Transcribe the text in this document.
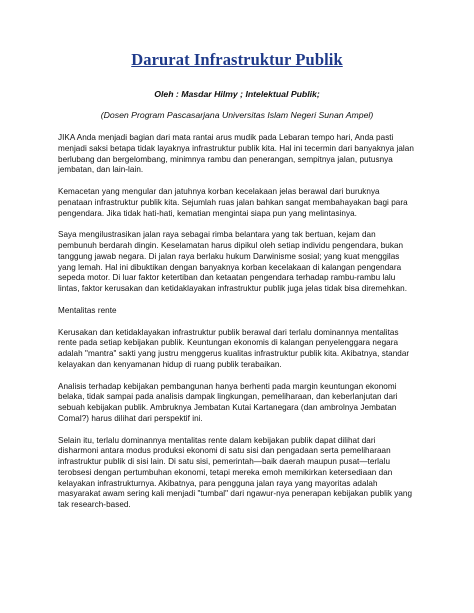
Darurat Infrastruktur Publik

Oleh : Masdar Hilmy ; Intelektual Publik;

(Dosen Program Pascasarjana Universitas Islam Negeri Sunan Ampel)

JIKA Anda menjadi bagian dari mata rantai arus mudik pada Lebaran tempo hari, Anda pasti menjadi saksi betapa tidak layaknya infrastruktur publik kita. Hal ini tecermin dari banyaknya jalan berlubang dan bergelombang, minimnya rambu dan penerangan, sempitnya jalan, putusnya jembatan, dan lain-lain.

Kemacetan yang mengular dan jatuhnya korban kecelakaan jelas berawal dari buruknya penataan infrastruktur publik kita. Sejumlah ruas jalan bahkan sangat membahayakan bagi para pengendara. Jika tidak hati-hati, kematian mengintai siapa pun yang melintasinya.

Saya mengilustrasikan jalan raya sebagai rimba belantara yang tak bertuan, kejam dan pembunuh berdarah dingin. Keselamatan harus dipikul oleh setiap individu pengendara, bukan tanggung jawab negara. Di jalan raya berlaku hukum Darwinisme sosial; yang kuat menggilas yang lemah. Hal ini dibuktikan dengan banyaknya korban kecelakaan di kalangan pengendara sepeda motor. Di luar faktor ketertiban dan ketaatan pengendara terhadap rambu-rambu lalu lintas, faktor kerusakan dan ketidaklayakan infrastruktur publik juga jelas tidak bisa diremehkan.

Mentalitas rente

Kerusakan dan ketidaklayakan infrastruktur publik berawal dari terlalu dominannya mentalitas rente pada setiap kebijakan publik. Keuntungan ekonomis di kalangan penyelenggara negara adalah "mantra" sakti yang justru menggerus kualitas infrastruktur publik kita. Akibatnya, standar kelayakan dan kenyamanan hidup di ruang publik terabaikan.

Analisis terhadap kebijakan pembangunan hanya berhenti pada margin keuntungan ekonomi belaka, tidak sampai pada analisis dampak lingkungan, pemeliharaan, dan keberlanjutan dari sebuah kebijakan publik. Ambruknya Jembatan Kutai Kartanegara (dan ambrolnya Jembatan Comal?) harus dilihat dari perspektif ini.

Selain itu, terlalu dominannya mentalitas rente dalam kebijakan publik dapat dilihat dari disharmoni antara modus produksi ekonomi di satu sisi dan pengadaan serta pemeliharaan infrastruktur publik di sisi lain. Di satu sisi, pemerintah—baik daerah maupun pusat—terlalu terobsesi dengan pertumbuhan ekonomi, tetapi mereka emoh memikirkan ketersediaan dan kelayakan infrastrukturnya. Akibatnya, para pengguna jalan raya yang mayoritas adalah masyarakat awam sering kali menjadi "tumbal" dari ngawur-nya penerapan kebijakan publik yang tak research-based.
